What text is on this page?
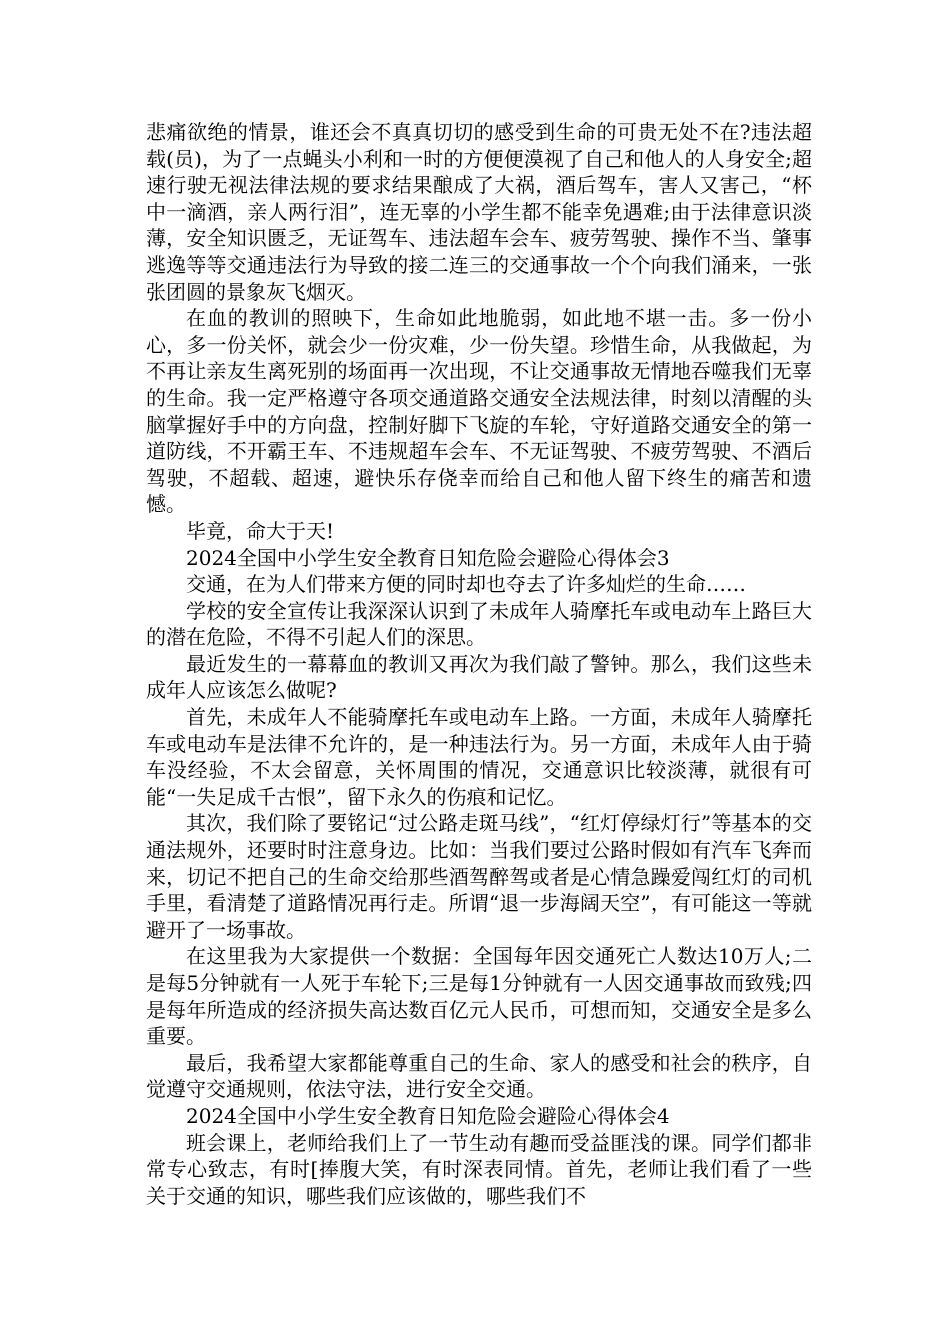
悲痛欲绝的情景，谁还会不真真切切的感受到生命的可贵无处不在?违法超载(员)，为了一点蝇头小利和一时的方便便漠视了自己和他人的人身安全;超速行驶无视法律法规的要求结果酿成了大祸，酒后驾车，害人又害己，“杯中一滴酒，亲人两行泪”，连无辜的小学生都不能幸免遇难;由于法律意识淡薄，安全知识匮乏，无证驾车、违法超车会车、疲劳驾驶、操作不当、肇事逃逸等等交通违法行为导致的接二连三的交通事故一个个向我们涌来，一张张团圆的景象灰飞烟灭。

在血的教训的照映下，生命如此地脆弱，如此地不堪一击。多一份小心，多一份关怀，就会少一份灾难，少一份失望。珍惜生命，从我做起，为不再让亲友生离死别的场面再一次出现，不让交通事故无情地吞噬我们无辜的生命。我一定严格遵守各项交通道路交通安全法规法律，时刻以清醒的头脑掌握好手中的方向盘，控制好脚下飞旋的车轮，守好道路交通安全的第一道防线，不开霸王车、不违规超车会车、不无证驾驶、不疲劳驾驶、不酒后驾驶，不超载、超速，避快乐存侥幸而给自己和他人留下终生的痛苦和遗憾。

毕竟，命大于天!

2024全国中小学生安全教育日知危险会避险心得体会3

交通，在为人们带来方便的同时却也夺去了许多灿烂的生命……

学校的安全宣传让我深深认识到了未成年人骑摩托车或电动车上路巨大的潜在危险，不得不引起人们的深思。

最近发生的一幕幕血的教训又再次为我们敲了警钟。那么，我们这些未成年人应该怎么做呢?

首先，未成年人不能骑摩托车或电动车上路。一方面，未成年人骑摩托车或电动车是法律不允许的，是一种违法行为。另一方面，未成年人由于骑车没经验，不太会留意，关怀周围的情况，交通意识比较淡薄，就很有可能“一失足成千古恨”，留下永久的伤痕和记忆。

其次，我们除了要铭记“过公路走斑马线”，“红灯停绿灯行”等基本的交通法规外，还要时时注意身边。比如：当我们要过公路时假如有汽车飞奔而来，切记不把自己的生命交给那些酒驾醉驾或者是心情急躁爱闯红灯的司机手里，看清楚了道路情况再行走。所谓“退一步海阔天空”，有可能这一等就避开了一场事故。

在这里我为大家提供一个数据：全国每年因交通死亡人数达10万人;二是每5分钟就有一人死于车轮下;三是每1分钟就有一人因交通事故而致残;四是每年所造成的经济损失高达数百亿元人民币，可想而知，交通安全是多么重要。

最后，我希望大家都能尊重自己的生命、家人的感受和社会的秩序，自觉遵守交通规则，依法守法，进行安全交通。

2024全国中小学生安全教育日知危险会避险心得体会4

班会课上，老师给我们上了一节生动有趣而受益匪浅的课。同学们都非常专心致志，有时[捧腹大笑，有时深表同情。首先，老师让我们看了一些关于交通的知识，哪些我们应该做的，哪些我们不
